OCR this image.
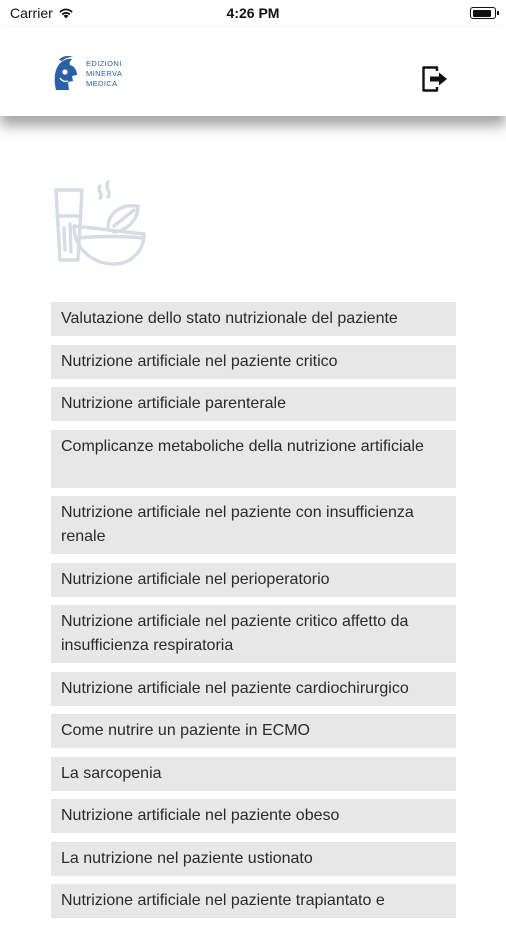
Carrier	4:26 PM
EDIZIONI
MINERVA
MEDICA
Valutazione dello stato nutrizionale del paziente
Nutrizione artificiale nel paziente critico
Nutrizione artificiale parenterale
Complicanze metaboliche della nutrizione artificiale
Nutrizione artificiale nel paziente con insufficienza renale
Nutrizione artificiale nel perioperatorio
Nutrizione artificiale nel paziente critico affetto da insufficienza respiratoria
Nutrizione artificiale nel paziente cardiochirurgico
Come nutrire un paziente in ECMO
La sarcopenia
Nutrizione artificiale nel paziente obeso
La nutrizione nel paziente ustionato
Nutrizione artificiale nel paziente trapiantato e
